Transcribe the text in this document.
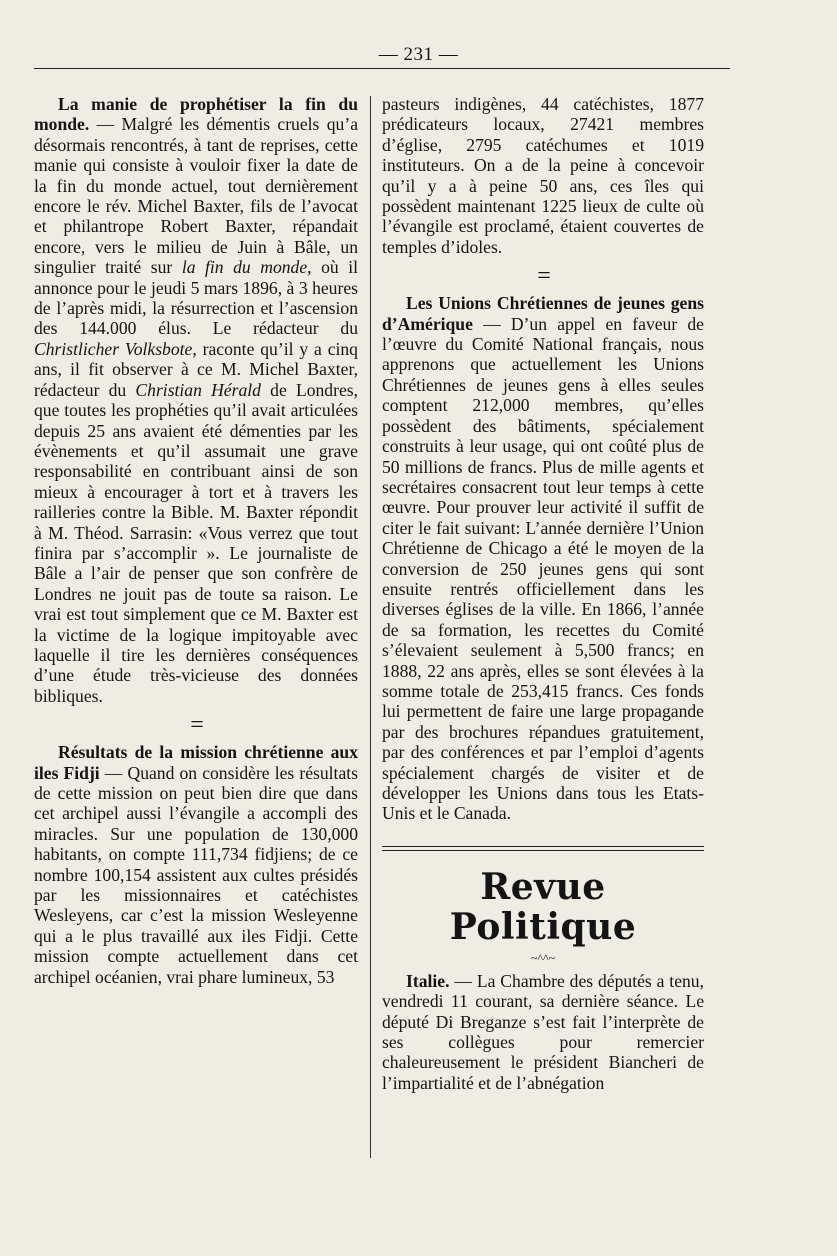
— 231 —

La manie de prophétiser la fin du monde. — Malgré les démentis cruels qu’a désormais rencontrés, à tant de reprises, cette manie qui consiste à vouloir fixer la date de la fin du monde actuel, tout dernièrement encore le rév. Michel Baxter, fils de l’avocat et philantrope Robert Baxter, répandait encore, vers le milieu de Juin à Bâle, un singulier traité sur la fin du monde, où il annonce pour le jeudi 5 mars 1896, à 3 heures de l’après midi, la résurrection et l’ascension des 144.000 élus. Le rédacteur du Christlicher Volksbote, raconte qu’il y a cinq ans, il fit observer à ce M. Michel Baxter, rédacteur du Christian Hérald de Londres, que toutes les prophéties qu’il avait articulées depuis 25 ans avaient été démenties par les évènements et qu’il assumait une grave responsabilité en contribuant ainsi de son mieux à encourager à tort et à travers les railleries contre la Bible. M. Baxter répondit à M. Théod. Sarrasin: «Vous verrez que tout finira par s’accomplir ». Le journaliste de Bâle a l’air de penser que son confrère de Londres ne jouit pas de toute sa raison. Le vrai est tout simplement que ce M. Baxter est la victime de la logique impitoyable avec laquelle il tire les dernières conséquences d’une étude très-vicieuse des données bibliques.

=

Résultats de la mission chrétienne aux iles Fidji — Quand on considère les résultats de cette mission on peut bien dire que dans cet archipel aussi l’évangile a accompli des miracles. Sur une population de 130,000 habitants, on compte 111,734 fidjiens; de ce nombre 100,154 assistent aux cultes présidés par les missionnaires et catéchistes Wesleyens, car c’est la mission Wesleyenne qui a le plus travaillé aux iles Fidji. Cette mission compte actuellement dans cet archipel océanien, vrai phare lumineux, 53

pasteurs indigènes, 44 catéchistes, 1877 prédicateurs locaux, 27421 membres d’église, 2795 catéchumes et 1019 instituteurs. On a de la peine à concevoir qu’il y a à peine 50 ans, ces îles qui possèdent maintenant 1225 lieux de culte où l’évangile est proclamé, étaient couvertes de temples d’idoles.

=

Les Unions Chrétiennes de jeunes gens d’Amérique — D’un appel en faveur de l’œuvre du Comité National français, nous apprenons que actuellement les Unions Chrétiennes de jeunes gens à elles seules comptent 212,000 membres, qu’elles possèdent des bâtiments, spécialement construits à leur usage, qui ont coûté plus de 50 millions de francs. Plus de mille agents et secrétaires consacrent tout leur temps à cette œuvre. Pour prouver leur activité il suffit de citer le fait suivant: L’année dernière l’Union Chrétienne de Chicago a été le moyen de la conversion de 250 jeunes gens qui sont ensuite rentrés officiellement dans les diverses églises de la ville. En 1866, l’année de sa formation, les recettes du Comité s’élevaient seulement à 5,500 francs; en 1888, 22 ans après, elles se sont élevées à la somme totale de 253,415 francs. Ces fonds lui permettent de faire une large propagande par des brochures répandues gratuitement, par des conférences et par l’emploi d’agents spécialement chargés de visiter et de développer les Unions dans tous les Etats-Unis et le Canada.

Revue Politique
~^^~

Italie. — La Chambre des députés a tenu, vendredi 11 courant, sa dernière séance. Le député Di Breganze s’est fait l’interprète de ses collègues pour remercier chaleureusement le président Biancheri de l’impartialité et de l’abnégation
